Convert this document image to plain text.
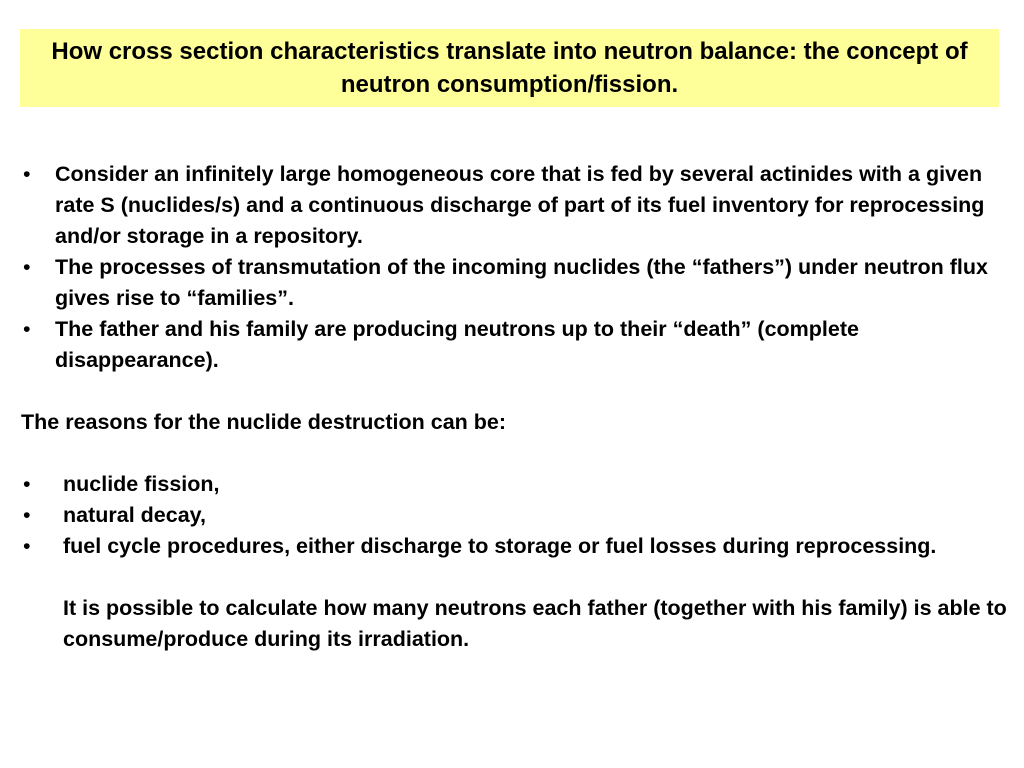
How cross section characteristics translate into neutron balance: the concept of neutron consumption/fission.

• Consider an infinitely large homogeneous core that is fed by several actinides with a given rate S (nuclides/s) and a continuous discharge of part of its fuel inventory for reprocessing and/or storage in a repository.
• The processes of transmutation of the incoming nuclides (the “fathers”) under neutron flux gives rise to “families”.
• The father and his family are producing neutrons up to their “death” (complete disappearance).

The reasons for the nuclide destruction can be:

• nuclide fission,
• natural decay,
• fuel cycle procedures, either discharge to storage or fuel losses during reprocessing.

It is possible to calculate how many neutrons each father (together with his family) is able to consume/produce during its irradiation.
